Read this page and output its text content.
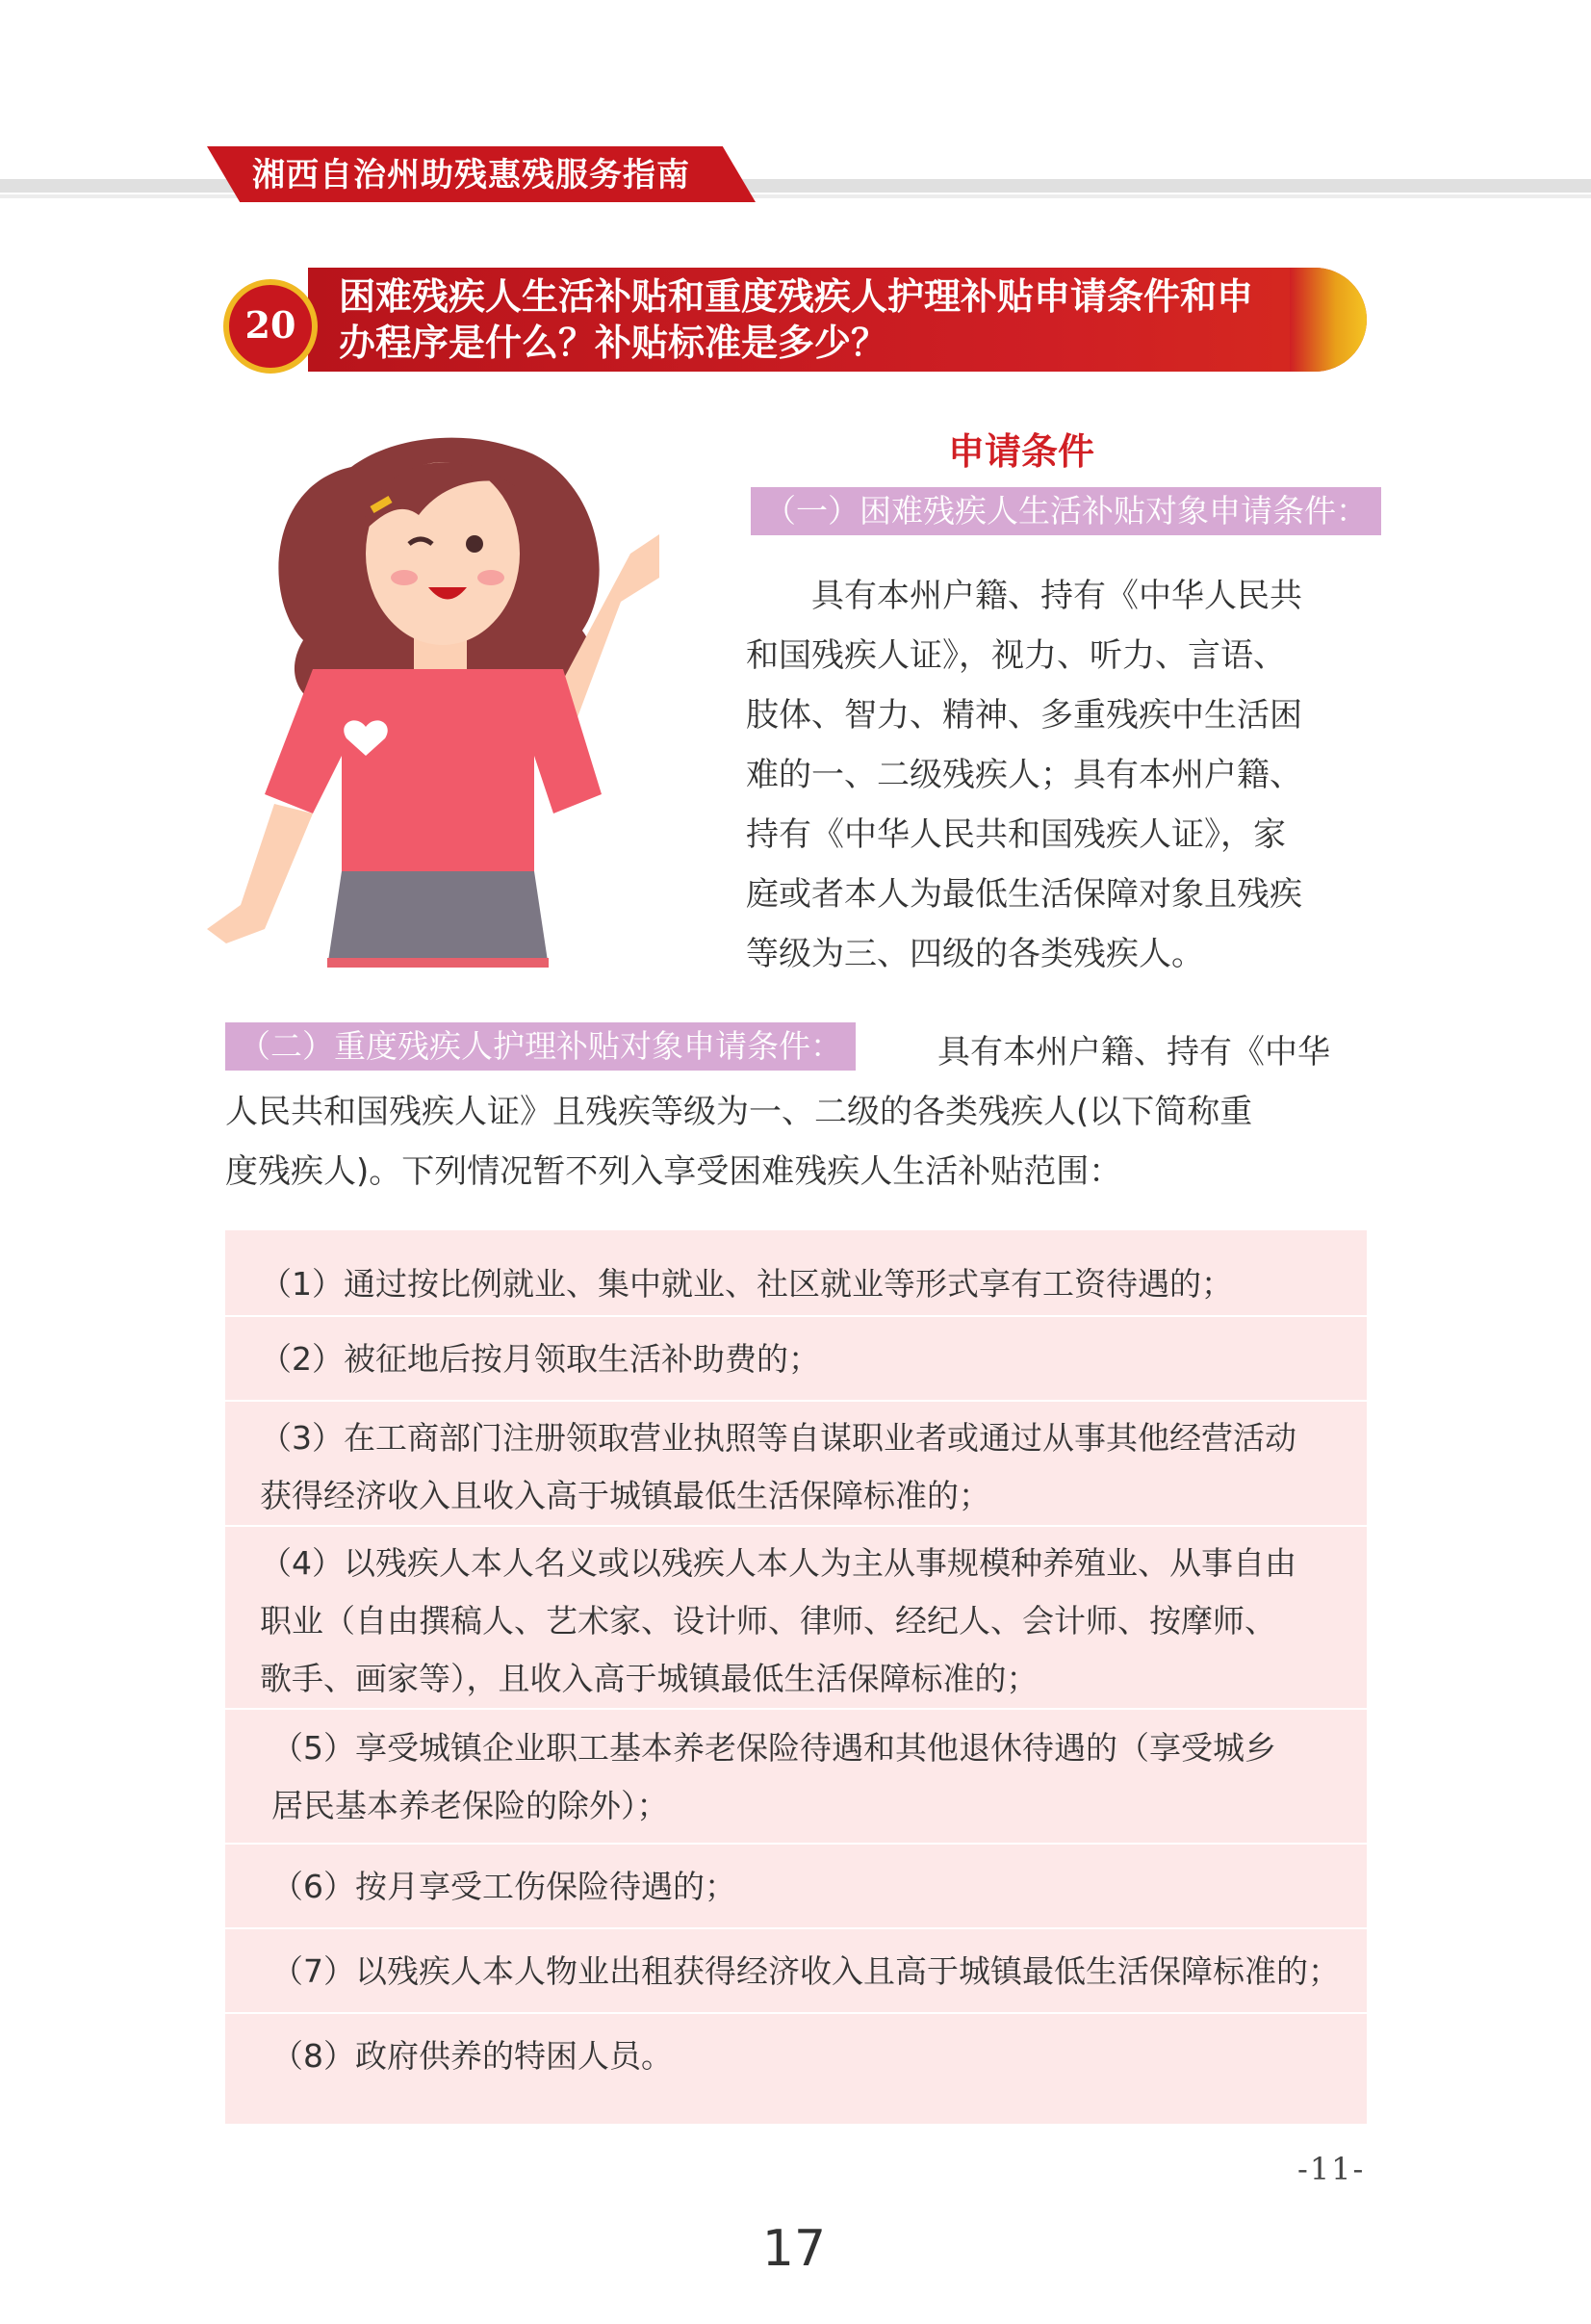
湘西自治州助残惠残服务指南
20
困难残疾人生活补贴和重度残疾人护理补贴申请条件和申
办程序是什么？补贴标准是多少？
申请条件
（一）困难残疾人生活补贴对象申请条件：
　　具有本州户籍、持有《中华人民共
和国残疾人证》，视力、听力、言语、
肢体、智力、精神、多重残疾中生活困
难的一、二级残疾人；具有本州户籍、
持有《中华人民共和国残疾人证》，家
庭或者本人为最低生活保障对象且残疾
等级为三、四级的各类残疾人。
具有本州户籍、持有《中华
人民共和国残疾人证》且残疾等级为一、二级的各类残疾人(以下简称重
度残疾人)。下列情况暂不列入享受困难残疾人生活补贴范围：
（二）重度残疾人护理补贴对象申请条件：
（1）通过按比例就业、集中就业、社区就业等形式享有工资待遇的；
（2）被征地后按月领取生活补助费的；
（3）在工商部门注册领取营业执照等自谋职业者或通过从事其他经营活动
获得经济收入且收入高于城镇最低生活保障标准的；
（4）以残疾人本人名义或以残疾人本人为主从事规模种养殖业、从事自由
职业（自由撰稿人、艺术家、设计师、律师、经纪人、会计师、按摩师、
歌手、画家等），且收入高于城镇最低生活保障标准的；
（5）享受城镇企业职工基本养老保险待遇和其他退休待遇的（享受城乡
居民基本养老保险的除外）；
（6）按月享受工伤保险待遇的；
（7）以残疾人本人物业出租获得经济收入且高于城镇最低生活保障标准的；
（8）政府供养的特困人员。
-11-
17
